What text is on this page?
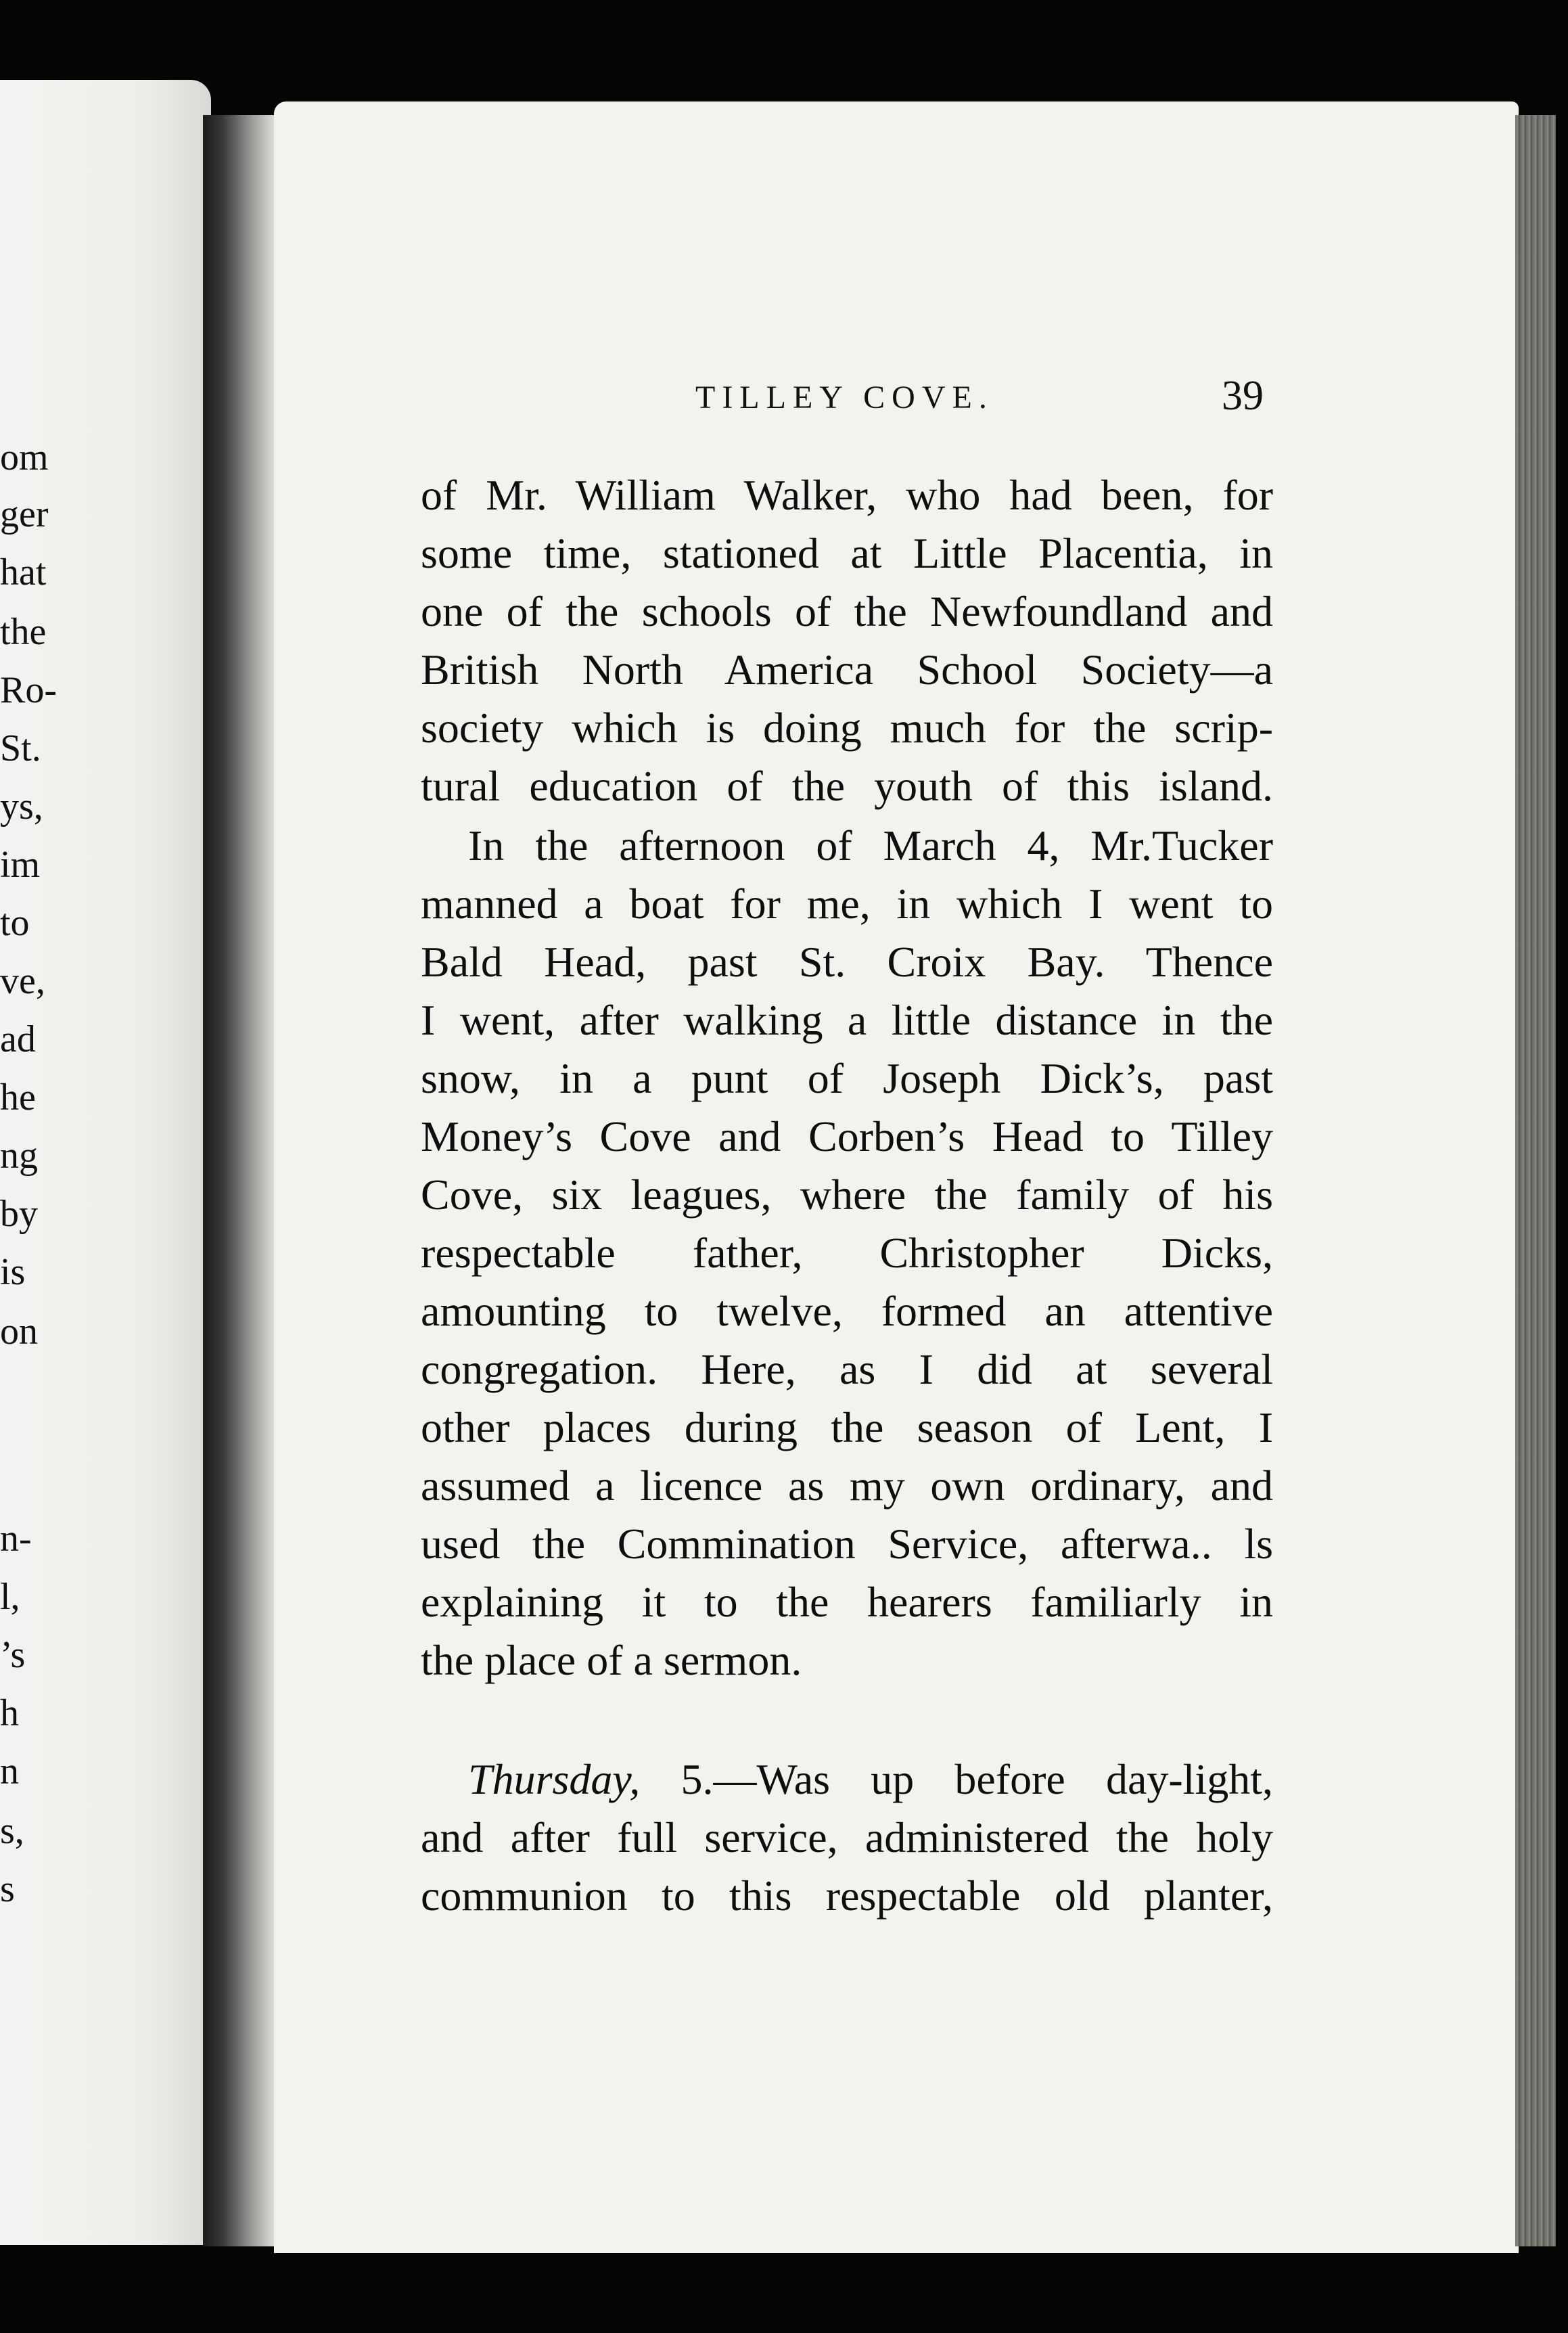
om
ger
hat
the
Ro-
St.
ys,
im
to
ve,
ad
he
ng
by
is
on
n-
l,
’s
h
n
s,
s
TILLEY COVE.	39
of Mr. William Walker, who had been, for
some time, stationed at Little Placentia, in
one of the schools of the Newfoundland and
British North America School Society—a
society which is doing much for the scrip-
tural education of the youth of this island.
In the afternoon of March 4, Mr.Tucker
manned a boat for me, in which I went to
Bald Head, past St. Croix Bay. Thence
I went, after walking a little distance in the
snow, in a punt of Joseph Dick’s, past
Money’s Cove and Corben’s Head to Tilley
Cove, six leagues, where the family of his
respectable father, Christopher Dicks,
amounting to twelve, formed an attentive
congregation. Here, as I did at several
other places during the season of Lent, I
assumed a licence as my own ordinary, and
used the Commination Service, afterwa.. ls
explaining it to the hearers familiarly in
the place of a sermon.
Thursday, 5.—Was up before day-light,
and after full service, administered the holy
communion to this respectable old planter,
